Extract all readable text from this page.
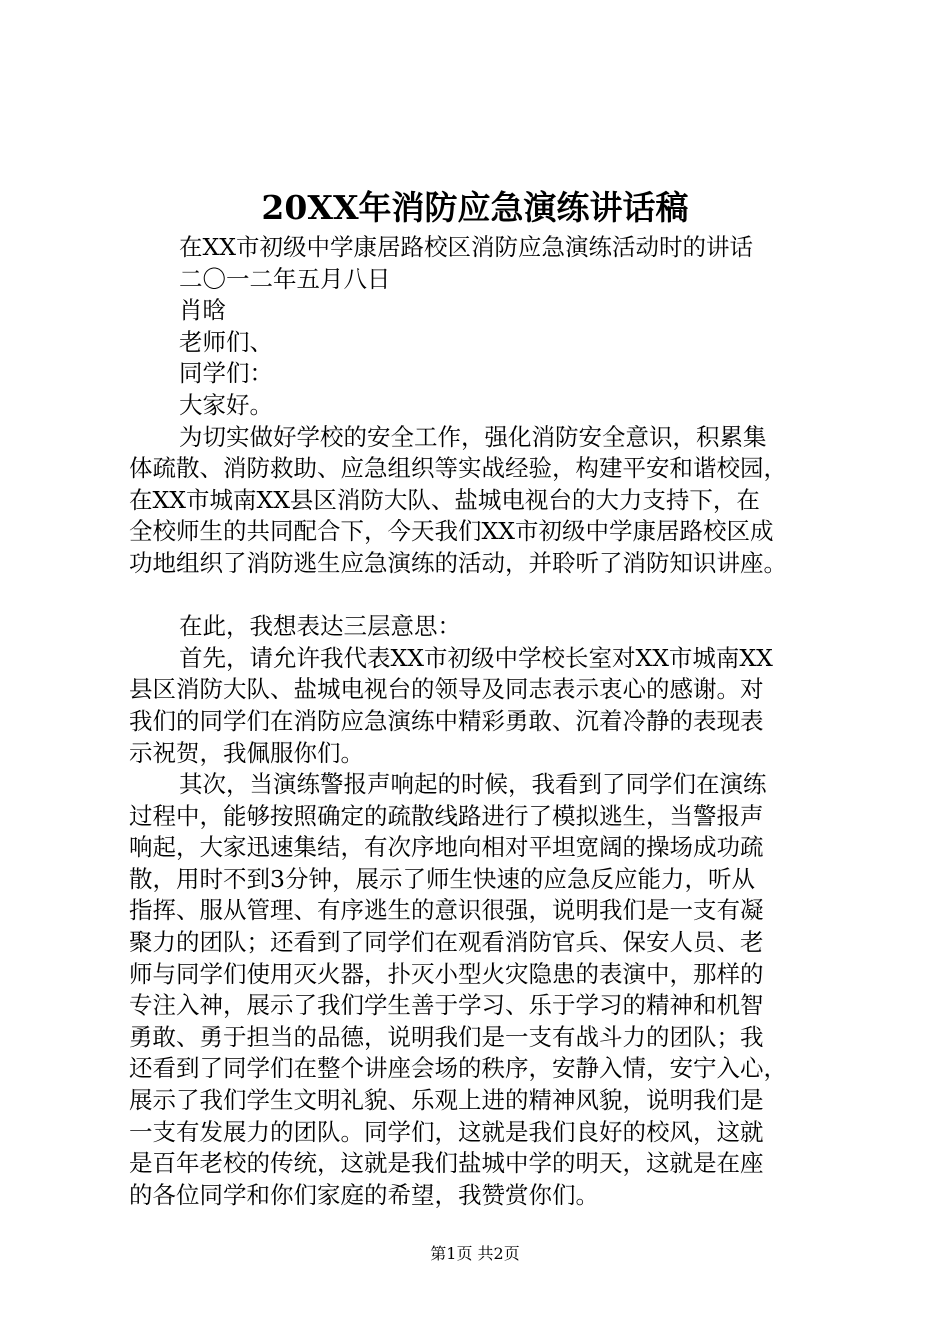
20XX年消防应急演练讲话稿
在XX市初级中学康居路校区消防应急演练活动时的讲话
二〇一二年五月八日
肖晗
老师们、
同学们：
大家好。
为切实做好学校的安全工作，强化消防安全意识，积累集
体疏散、消防救助、应急组织等实战经验，构建平安和谐校园，
在XX市城南XX县区消防大队、盐城电视台的大力支持下，在
全校师生的共同配合下，今天我们XX市初级中学康居路校区成
功地组织了消防逃生应急演练的活动，并聆听了消防知识讲座。
在此，我想表达三层意思：
首先，请允许我代表XX市初级中学校长室对XX市城南XX
县区消防大队、盐城电视台的领导及同志表示衷心的感谢。对
我们的同学们在消防应急演练中精彩勇敢、沉着冷静的表现表
示祝贺，我佩服你们。
其次，当演练警报声响起的时候，我看到了同学们在演练
过程中，能够按照确定的疏散线路进行了模拟逃生，当警报声
响起，大家迅速集结，有次序地向相对平坦宽阔的操场成功疏
散，用时不到3分钟，展示了师生快速的应急反应能力，听从
指挥、服从管理、有序逃生的意识很强，说明我们是一支有凝
聚力的团队；还看到了同学们在观看消防官兵、保安人员、老
师与同学们使用灭火器，扑灭小型火灾隐患的表演中，那样的
专注入神，展示了我们学生善于学习、乐于学习的精神和机智
勇敢、勇于担当的品德，说明我们是一支有战斗力的团队；我
还看到了同学们在整个讲座会场的秩序，安静入情，安宁入心，
展示了我们学生文明礼貌、乐观上进的精神风貌，说明我们是
一支有发展力的团队。同学们，这就是我们良好的校风，这就
是百年老校的传统，这就是我们盐城中学的明天，这就是在座
的各位同学和你们家庭的希望，我赞赏你们。
第1页 共2页
